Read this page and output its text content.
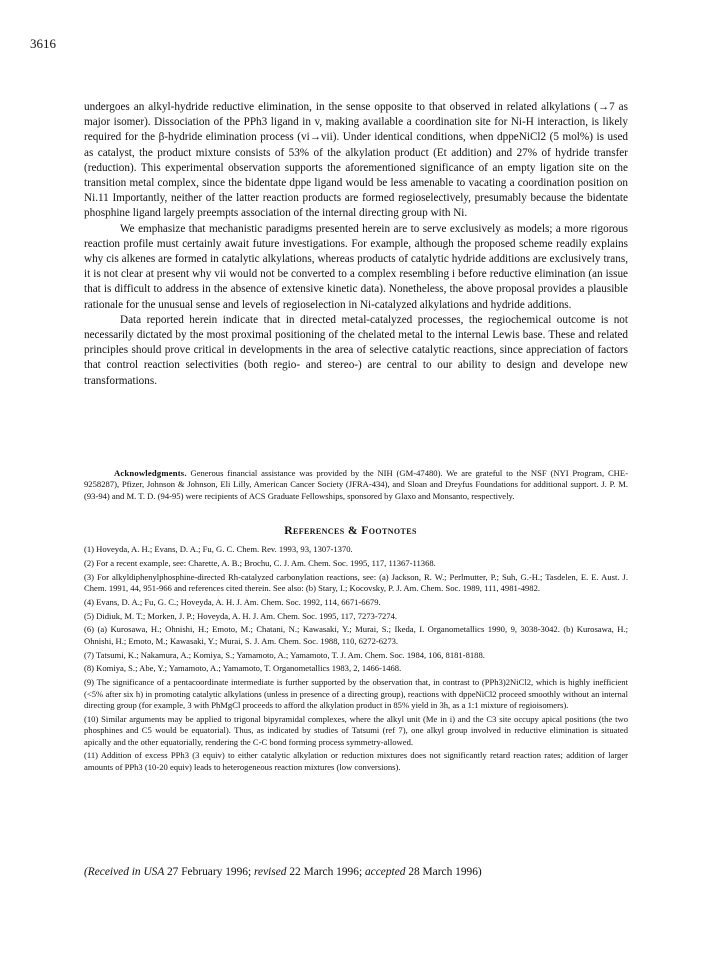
3616

undergoes an alkyl-hydride reductive elimination, in the sense opposite to that observed in related alkylations (→7 as major isomer). Dissociation of the PPh3 ligand in v, making available a coordination site for Ni-H interaction, is likely required for the β-hydride elimination process (vi→vii). Under identical conditions, when dppeNiCl2 (5 mol%) is used as catalyst, the product mixture consists of 53% of the alkylation product (Et addition) and 27% of hydride transfer (reduction). This experimental observation supports the aforementioned significance of an empty ligation site on the transition metal complex, since the bidentate dppe ligand would be less amenable to vacating a coordination position on Ni.11 Importantly, neither of the latter reaction products are formed regioselectively, presumably because the bidentate phosphine ligand largely preempts association of the internal directing group with Ni.

We emphasize that mechanistic paradigms presented herein are to serve exclusively as models; a more rigorous reaction profile must certainly await future investigations. For example, although the proposed scheme readily explains why cis alkenes are formed in catalytic alkylations, whereas products of catalytic hydride additions are exclusively trans, it is not clear at present why vii would not be converted to a complex resembling i before reductive elimination (an issue that is difficult to address in the absence of extensive kinetic data). Nonetheless, the above proposal provides a plausible rationale for the unusual sense and levels of regioselection in Ni-catalyzed alkylations and hydride additions.

Data reported herein indicate that in directed metal-catalyzed processes, the regiochemical outcome is not necessarily dictated by the most proximal positioning of the chelated metal to the internal Lewis base. These and related principles should prove critical in developments in the area of selective catalytic reactions, since appreciation of factors that control reaction selectivities (both regio- and stereo-) are central to our ability to design and develope new transformations.

Acknowledgments. Generous financial assistance was provided by the NIH (GM-47480). We are grateful to the NSF (NYI Program, CHE-9258287), Pfizer, Johnson & Johnson, Eli Lilly, American Cancer Society (JFRA-434), and Sloan and Dreyfus Foundations for additional support. J. P. M. (93-94) and M. T. D. (94-95) were recipients of ACS Graduate Fellowships, sponsored by Glaxo and Monsanto, respectively.
References & Footnotes

(1) Hoveyda, A. H.; Evans, D. A.; Fu, G. C. Chem. Rev. 1993, 93, 1307-1370.

(2) For a recent example, see: Charette, A. B.; Brochu, C. J. Am. Chem. Soc. 1995, 117, 11367-11368.

(3) For alkyldiphenylphosphine-directed Rh-catalyzed carbonylation reactions, see: (a) Jackson, R. W.; Perlmutter, P.; Suh, G.-H.; Tasdelen, E. E. Aust. J. Chem. 1991, 44, 951-966 and references cited therein. See also: (b) Stary, I.; Kocovsky, P. J. Am. Chem. Soc. 1989, 111, 4981-4982.

(4) Evans, D. A.; Fu, G. C.; Hoveyda, A. H. J. Am. Chem. Soc. 1992, 114, 6671-6679.

(5) Didiuk, M. T.; Morken, J. P.; Hoveyda, A. H. J. Am. Chem. Soc. 1995, 117, 7273-7274.

(6) (a) Kurosawa, H.; Ohnishi, H.; Emoto, M.; Chatani, N.; Kawasaki, Y.; Murai, S.; Ikeda, I. Organometallics 1990, 9, 3038-3042. (b) Kurosawa, H.; Ohnishi, H.; Emoto, M.; Kawasaki, Y.; Murai, S. J. Am. Chem. Soc. 1988, 110, 6272-6273.

(7) Tatsumi, K.; Nakamura, A.; Komiya, S.; Yamamoto, A.; Yamamoto, T. J. Am. Chem. Soc. 1984, 106, 8181-8188.

(8) Komiya, S.; Abe, Y.; Yamamoto, A.; Yamamoto, T. Organometallics 1983, 2, 1466-1468.

(9) The significance of a pentacoordinate intermediate is further supported by the observation that, in contrast to (PPh3)2NiCl2, which is highly inefficient (<5% after six h) in promoting catalytic alkylations (unless in presence of a directing group), reactions with dppeNiCl2 proceed smoothly without an internal directing group (for example, 3 with PhMgCl proceeds to afford the alkylation product in 85% yield in 3h, as a 1:1 mixture of regioisomers).

(10) Similar arguments may be applied to trigonal bipyramidal complexes, where the alkyl unit (Me in i) and the C3 site occupy apical positions (the two phosphines and C5 would be equatorial). Thus, as indicated by studies of Tatsumi (ref 7), one alkyl group involved in reductive elimination is situated apically and the other equatorially, rendering the C-C bond forming process symmetry-allowed.

(11) Addition of excess PPh3 (3 equiv) to either catalytic alkylation or reduction mixtures does not significantly retard reaction rates; addition of larger amounts of PPh3 (10-20 equiv) leads to heterogeneous reaction mixtures (low conversions).

(Received in USA 27 February 1996; revised 22 March 1996; accepted 28 March 1996)
